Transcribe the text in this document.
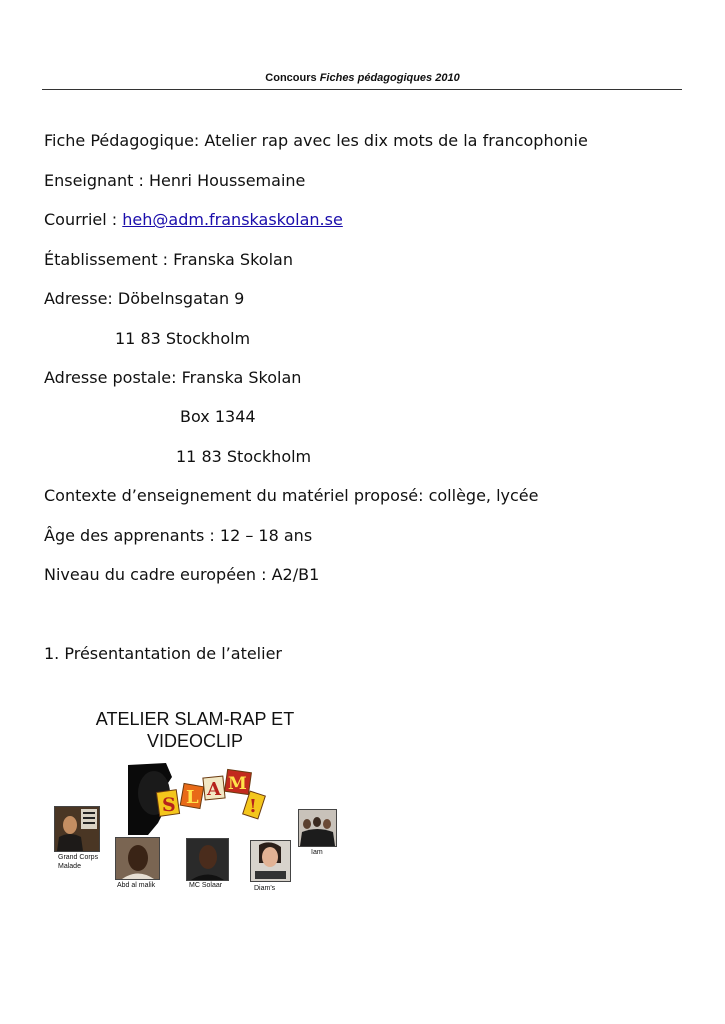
Concours Fiches pédagogiques 2010
Fiche Pédagogique: Atelier rap avec les dix mots de la francophonie
Enseignant : Henri Houssemaine
Courriel : heh@adm.franskaskolan.se
Établissement : Franska Skolan
Adresse: Döbelnsgatan 9
11 83 Stockholm
Adresse postale: Franska Skolan
Box 1344
11 83 Stockholm
Contexte d’enseignement du matériel proposé: collège, lycée
Âge des apprenants : 12 – 18 ans
Niveau du cadre européen : A2/B1
1. Présentantation de l’atelier
ATELIER SLAM-RAP ET VIDEOCLIP
S L A M
!
Grand Corps
Malade
Abd al malik	MC Solaar	Diam's
Iam
